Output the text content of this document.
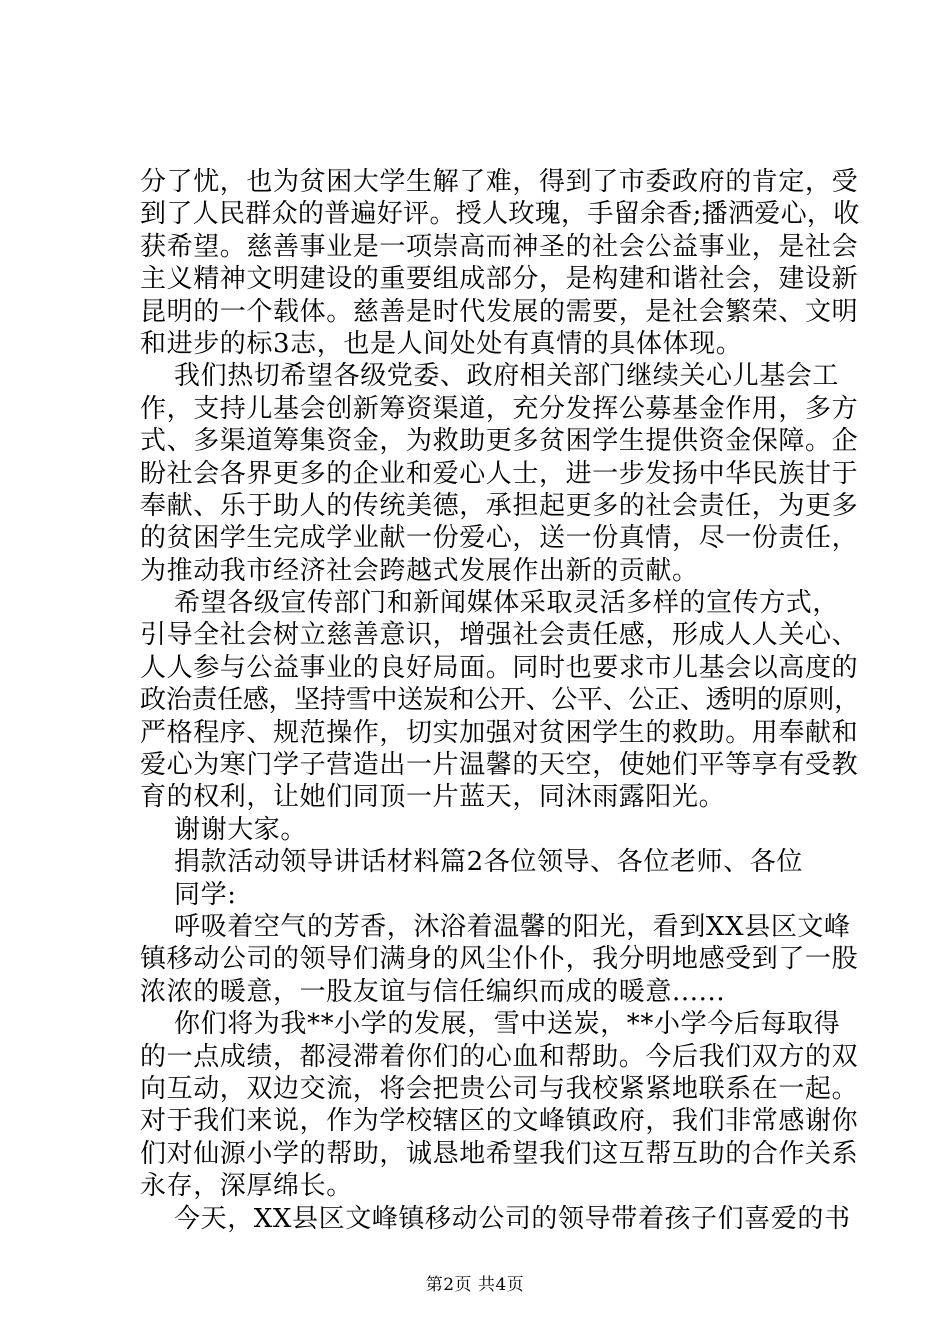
分了忧，也为贫困大学生解了难，得到了市委政府的肯定，受
到了人民群众的普遍好评。授人玫瑰，手留余香;播洒爱心，收
获希望。慈善事业是一项崇高而神圣的社会公益事业，是社会
主义精神文明建设的重要组成部分，是构建和谐社会，建设新
昆明的一个载体。慈善是时代发展的需要，是社会繁荣、文明
和进步的标3志，也是人间处处有真情的具体体现。
我们热切希望各级党委、政府相关部门继续关心儿基会工
作，支持儿基会创新筹资渠道，充分发挥公募基金作用，多方
式、多渠道筹集资金，为救助更多贫困学生提供资金保障。企
盼社会各界更多的企业和爱心人士，进一步发扬中华民族甘于
奉献、乐于助人的传统美德，承担起更多的社会责任，为更多
的贫困学生完成学业献一份爱心，送一份真情，尽一份责任，
为推动我市经济社会跨越式发展作出新的贡献。
希望各级宣传部门和新闻媒体采取灵活多样的宣传方式，
引导全社会树立慈善意识，增强社会责任感，形成人人关心、
人人参与公益事业的良好局面。同时也要求市儿基会以高度的
政治责任感，坚持雪中送炭和公开、公平、公正、透明的原则，
严格程序、规范操作，切实加强对贫困学生的救助。用奉献和
爱心为寒门学子营造出一片温馨的天空，使她们平等享有受教
育的权利，让她们同顶一片蓝天，同沐雨露阳光。
谢谢大家。
捐款活动领导讲话材料篇2各位领导、各位老师、各位
同学:
呼吸着空气的芳香，沐浴着温馨的阳光，看到XX县区文峰
镇移动公司的领导们满身的风尘仆仆，我分明地感受到了一股
浓浓的暖意，一股友谊与信任编织而成的暖意......
你们将为我**小学的发展，雪中送炭，**小学今后每取得
的一点成绩，都浸滞着你们的心血和帮助。今后我们双方的双
向互动，双边交流，将会把贵公司与我校紧紧地联系在一起。
对于我们来说，作为学校辖区的文峰镇政府，我们非常感谢你
们对仙源小学的帮助，诚恳地希望我们这互帮互助的合作关系
永存，深厚绵长。
今天，XX县区文峰镇移动公司的领导带着孩子们喜爱的书
第2页 共4页
